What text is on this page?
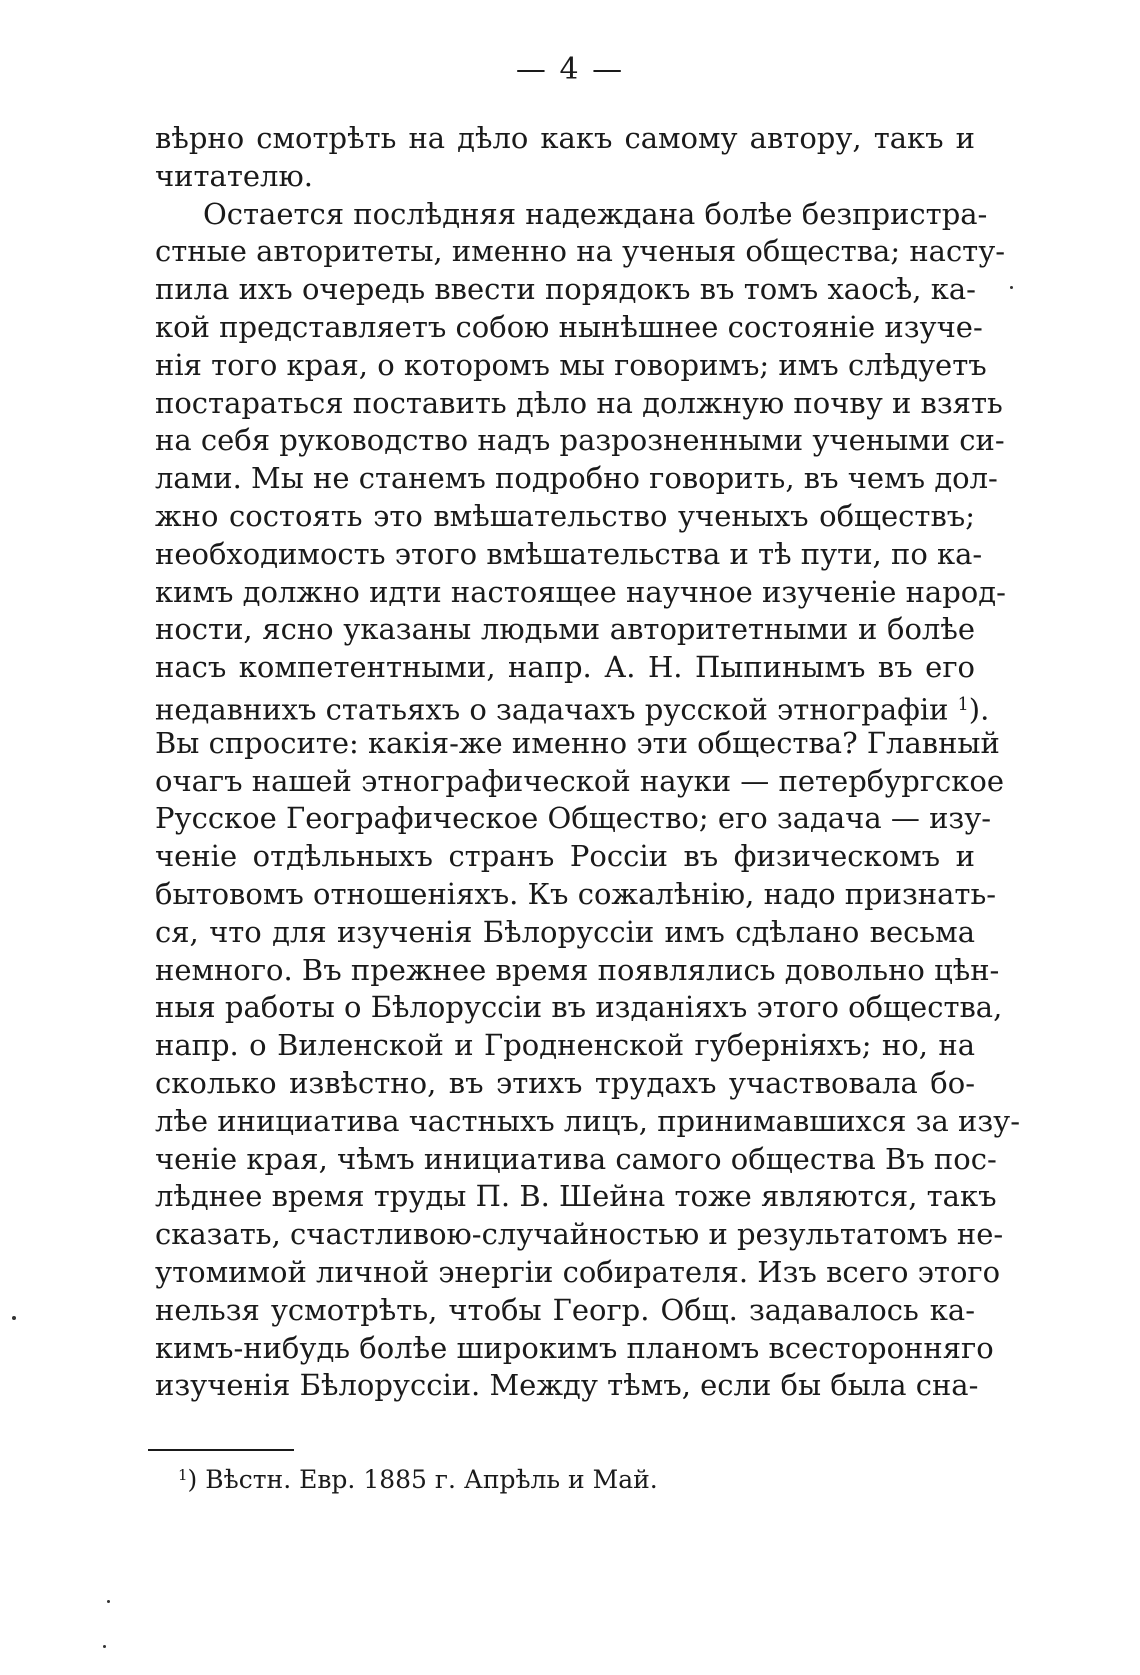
— 4 —
вѣрно смотрѣть на дѣло какъ самому автору, такъ и
читателю.
Остается послѣдняя надеждана болѣе безпристра-
стные авторитеты, именно на ученыя общества; насту-
пила ихъ очередь ввести порядокъ въ томъ хаосѣ, ка-
кой представляетъ собою нынѣшнее состоянiе изуче-
нiя того края, о которомъ мы говоримъ; имъ слѣдуетъ
постараться поставить дѣло на должную почву и взять
на себя руководство надъ разрозненными учеными си-
лами. Мы не станемъ подробно говорить, въ чемъ дол-
жно состоять это вмѣшательство ученыхъ обществъ;
необходимость этого вмѣшательства и тѣ пути, по ка-
кимъ должно идти настоящее научное изученiе народ-
ности, ясно указаны людьми авторитетными и болѣе
насъ компетентными, напр. А. Н. Пыпинымъ въ его
недавнихъ статьяхъ о задачахъ русской этнографiи $^1$).
Вы спросите: какiя-же именно эти общества? Главный
очагъ нашей этнографической науки — петербургское
Русское Географическое Общество; его задача — изу-
ченiе отдѣльныхъ странъ Россiи въ физическомъ и
бытовомъ отношенiяхъ. Къ сожалѣнiю, надо признать-
ся, что для изученiя Бѣлоруссiи имъ сдѣлано весьма
немного. Въ прежнее время появлялись довольно цѣн-
ныя работы о Бѣлоруссiи въ изданiяхъ этого общества,
напр. о Виленской и Гродненской губернiяхъ; но, на
сколько извѣстно, въ этихъ трудахъ участвовала бо-
лѣе инициатива частныхъ лицъ, принимавшихся за изу-
ченiе края, чѣмъ инициатива самого общества Въ пос-
лѣднее время труды П. В. Шейна тоже являются, такъ
сказать, счастливою-случайностью и результатомъ не-
утомимой личной энергiи собирателя. Изъ всего этого
нельзя усмотрѣть, чтобы Геогр. Общ. задавалось ка-
кимъ-нибудь болѣе широкимъ планомъ всесторонняго
изученiя Бѣлоруссiи. Между тѣмъ, если бы была сна-
$^1$) Вѣстн. Евр. 1885 г. Апрѣль и Май.
